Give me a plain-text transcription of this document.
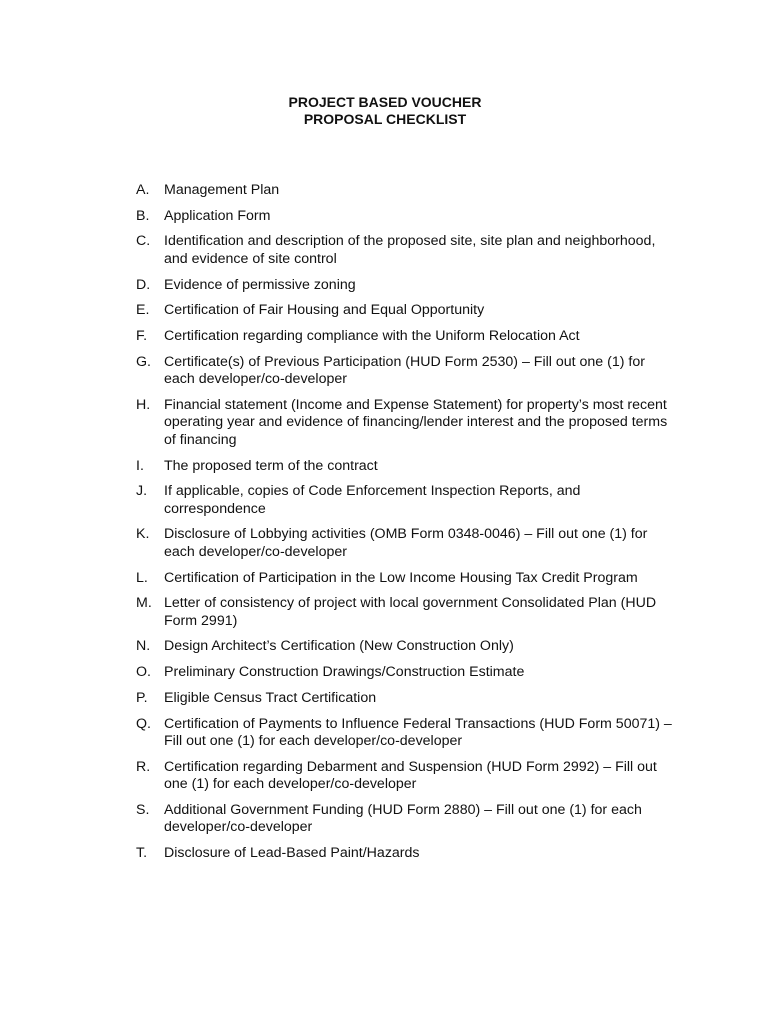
PROJECT BASED VOUCHER
PROPOSAL CHECKLIST
A.	Management Plan
B.	Application Form
C. Identification and description of the proposed site, site plan and neighborhood, and evidence of site control
D. Evidence of permissive zoning
E.	Certification of Fair Housing and Equal Opportunity
F.	Certification regarding compliance with the Uniform Relocation Act
G. Certificate(s) of Previous Participation (HUD Form 2530) – Fill out one (1) for each developer/co-developer
H. Financial statement (Income and Expense Statement) for property’s most recent operating year and evidence of financing/lender interest and the proposed terms of financing
I.	The proposed term of the contract
J.	If applicable, copies of Code Enforcement Inspection Reports, and correspondence
K.	Disclosure of Lobbying activities (OMB Form 0348-0046) – Fill out one (1) for each developer/co-developer
L.	Certification of Participation in the Low Income Housing Tax Credit Program
M. Letter of consistency of project with local government Consolidated Plan (HUD Form 2991)
N. Design Architect’s Certification (New Construction Only)
O. Preliminary Construction Drawings/Construction Estimate
P.	Eligible Census Tract Certification
Q. Certification of Payments to Influence Federal Transactions (HUD Form 50071) – Fill out one (1) for each developer/co-developer
R. Certification regarding Debarment and Suspension (HUD Form 2992) – Fill out one (1) for each developer/co-developer
S.	Additional Government Funding (HUD Form 2880) – Fill out one (1) for each developer/co-developer
T.	Disclosure of Lead-Based Paint/Hazards
